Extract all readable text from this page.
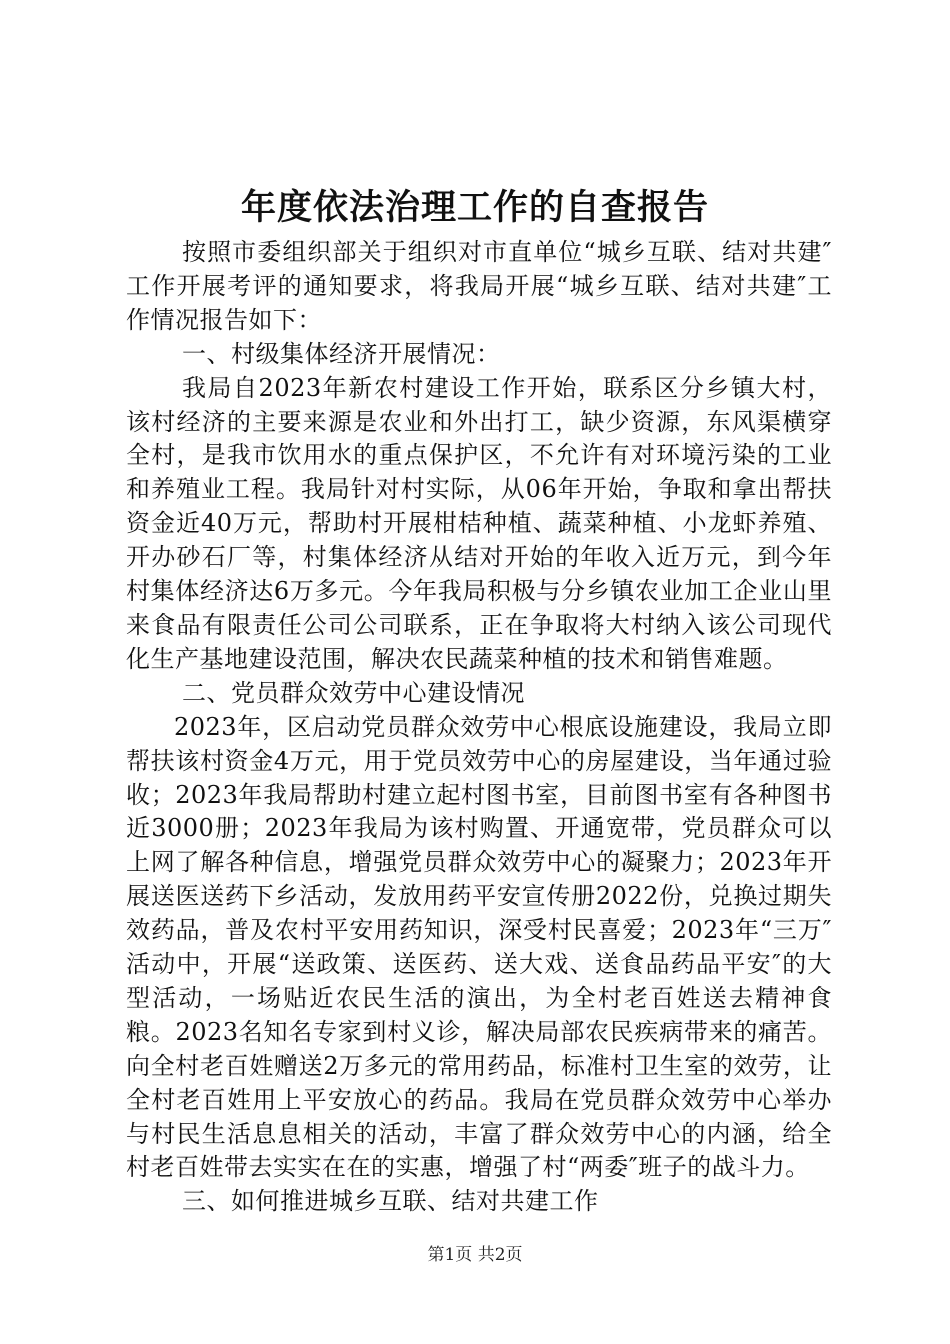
年度依法治理工作的自查报告

按照市委组织部关于组织对市直单位“城乡互联、结对共建″工作开展考评的通知要求，将我局开展“城乡互联、结对共建″工作情况报告如下：

一、村级集体经济开展情况：

我局自2023年新农村建设工作开始，联系区分乡镇大村，该村经济的主要来源是农业和外出打工，缺少资源，东风渠横穿全村，是我市饮用水的重点保护区，不允许有对环境污染的工业和养殖业工程。我局针对村实际，从06年开始，争取和拿出帮扶资金近40万元，帮助村开展柑桔种植、蔬菜种植、小龙虾养殖、开办砂石厂等，村集体经济从结对开始的年收入近万元，到今年村集体经济达6万多元。今年我局积极与分乡镇农业加工企业山里来食品有限责任公司公司联系，正在争取将大村纳入该公司现代化生产基地建设范围，解决农民蔬菜种植的技术和销售难题。

二、党员群众效劳中心建设情况

2023年，区启动党员群众效劳中心根底设施建设，我局立即帮扶该村资金4万元，用于党员效劳中心的房屋建设，当年通过验收；2023年我局帮助村建立起村图书室，目前图书室有各种图书近3000册；2023年我局为该村购置、开通宽带，党员群众可以上网了解各种信息，增强党员群众效劳中心的凝聚力；2023年开展送医送药下乡活动，发放用药平安宣传册2022份，兑换过期失效药品，普及农村平安用药知识，深受村民喜爱；2023年“三万″活动中，开展“送政策、送医药、送大戏、送食品药品平安″的大型活动，一场贴近农民生活的演出，为全村老百姓送去精神食粮。2023名知名专家到村义诊，解决局部农民疾病带来的痛苦。向全村老百姓赠送2万多元的常用药品，标准村卫生室的效劳，让全村老百姓用上平安放心的药品。我局在党员群众效劳中心举办与村民生活息息相关的活动，丰富了群众效劳中心的内涵，给全村老百姓带去实实在在的实惠，增强了村“两委″班子的战斗力。

三、如何推进城乡互联、结对共建工作

第1页 共2页
